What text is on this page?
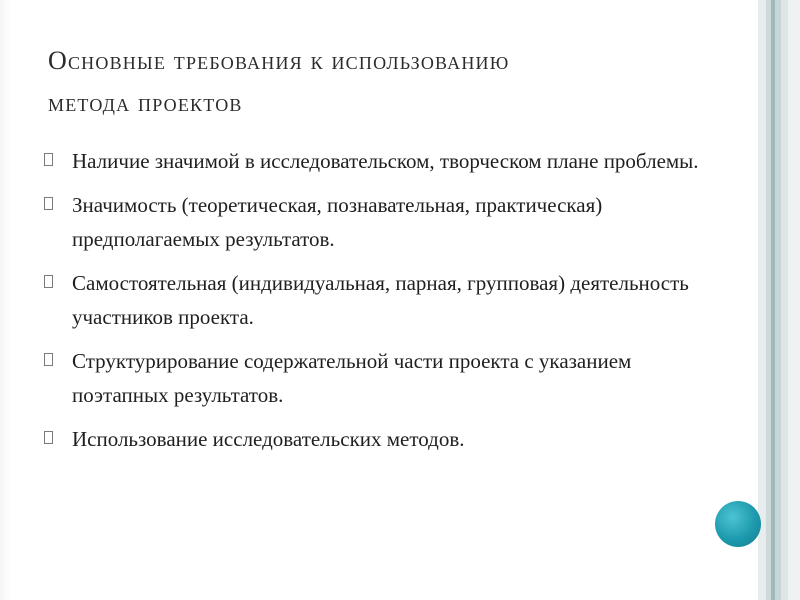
Основные требования к использованию
метода проектов
Наличие значимой в исследовательском, творческом плане проблемы.
Значимость (теоретическая, познавательная, практическая) предполагаемых результатов.
Самостоятельная (индивидуальная, парная, групповая) деятельность участников проекта.
Структурирование содержательной части проекта с указанием поэтапных результатов.
Использование исследовательских методов.
